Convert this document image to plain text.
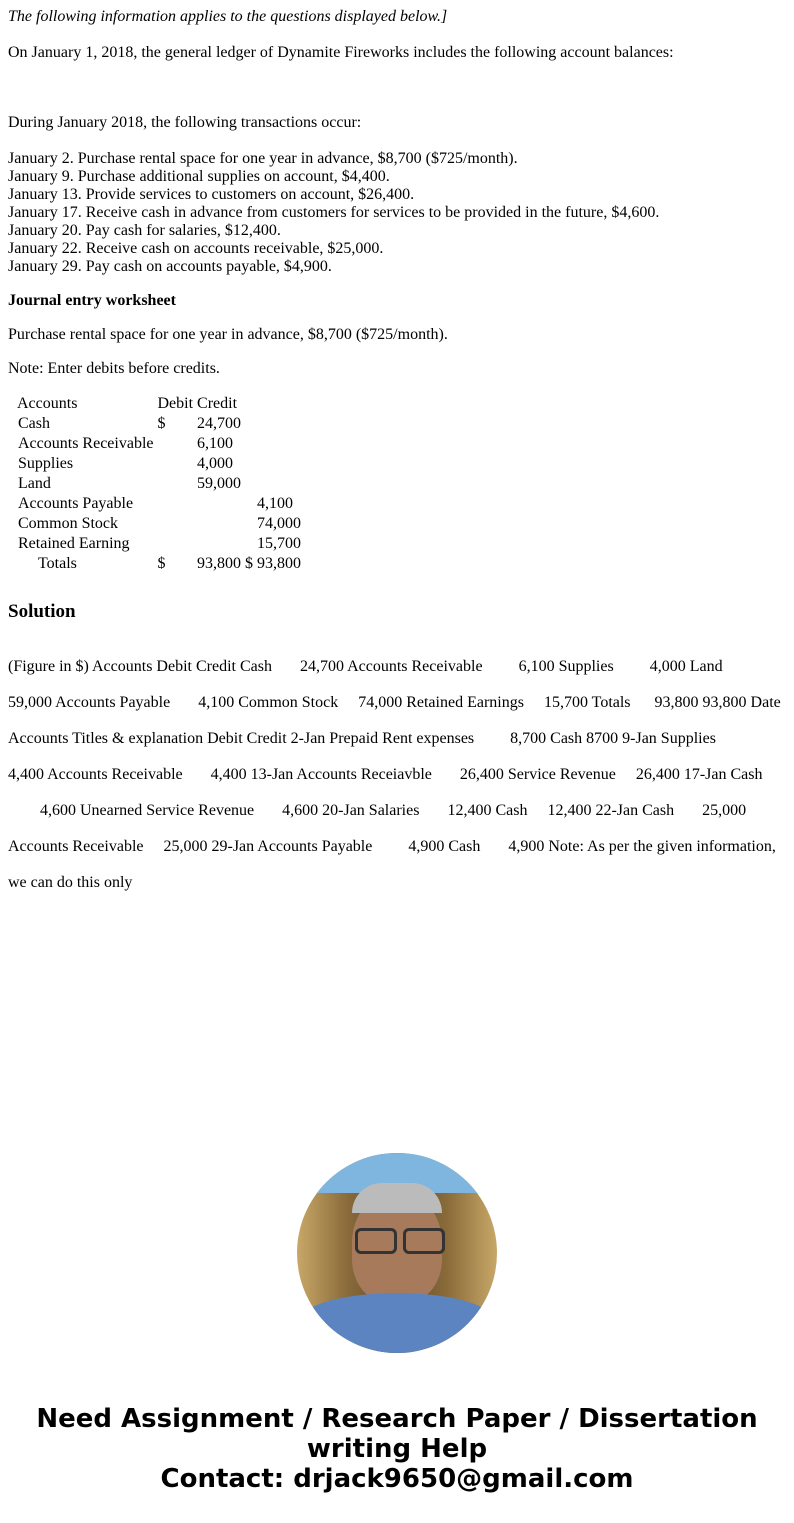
The following information applies to the questions displayed below.]
On January 1, 2018, the general ledger of Dynamite Fireworks includes the following account balances:
During January 2018, the following transactions occur:
January 2. Purchase rental space for one year in advance, $8,700 ($725/month).
January 9. Purchase additional supplies on account, $4,400.
January 13. Provide services to customers on account, $26,400.
January 17. Receive cash in advance from customers for services to be provided in the future, $4,600.
January 20. Pay cash for salaries, $12,400.
January 22. Receive cash on accounts receivable, $25,000.
January 29. Pay cash on accounts payable, $4,900.
Journal entry worksheet
Purchase rental space for one year in advance, $8,700 ($725/month).
Note: Enter debits before credits.
Accounts	Debit	Credit	
Cash	$	24,700	
Accounts Receivable		6,100	
Supplies		4,000	
Land		59,000	
Accounts Payable			4,100
Common Stock			74,000
Retained Earning			15,700
Totals	$	93,800 $	93,800
Solution

(Figure in $) Accounts Debit Credit Cash       24,700 Accounts Receivable         6,100 Supplies         4,000 Land

59,000 Accounts Payable       4,100 Common Stock     74,000 Retained Earnings     15,700 Totals      93,800 93,800 Date

Accounts Titles & explanation Debit Credit 2-Jan Prepaid Rent expenses         8,700 Cash 8700 9-Jan Supplies

4,400 Accounts Receivable       4,400 13-Jan Accounts Receiavble       26,400 Service Revenue     26,400 17-Jan Cash

4,600 Unearned Service Revenue       4,600 20-Jan Salaries       12,400 Cash     12,400 22-Jan Cash       25,000

Accounts Receivable     25,000 29-Jan Accounts Payable         4,900 Cash       4,900 Note: As per the given information,

we can do this only

Need Assignment / Research Paper / Dissertation
writing Help
Contact: drjack9650@gmail.com
